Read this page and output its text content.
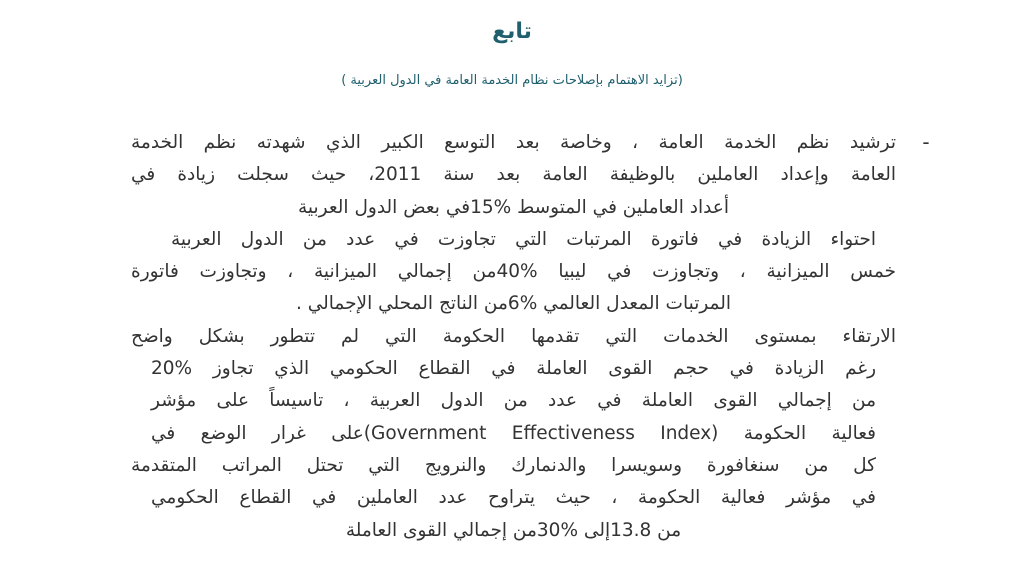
تابع
(تزايد الاهتمام بإصلاحات نظام الخدمة العامة في الدول العربية )
-
ترشيد نظم الخدمة العامة ، وخاصة بعد التوسع الكبير الذي شهدته نظم الخدمة
العامة وإعداد العاملين بالوظيفة العامة بعد سنة 2011، حيث سجلت زيادة في
أعداد العاملين في المتوسط %15في بعض الدول العربية
احتواء الزيادة في فاتورة المرتبات التي تجاوزت في عدد من الدول العربية
خمس الميزانية ، وتجاوزت في ليبيا %40من إجمالي الميزانية ، وتجاوزت فاتورة
المرتبات المعدل العالمي %6من الناتج المحلي الإجمالي .
الارتقاء بمستوى الخدمات التي تقدمها الحكومة التي لم تتطور بشكل واضح
رغم الزيادة في حجم القوى العاملة في القطاع الحكومي الذي تجاوز %20
من إجمالي القوى العاملة في عدد من الدول العربية ، تاسيساً على مؤشر
فعالية الحكومة (Government Effectiveness Index)على غرار الوضع في
كل من سنغافورة وسويسرا والدنمارك والنرويج التي تحتل المراتب المتقدمة
في مؤشر فعالية الحكومة ، حيث يتراوح عدد العاملين في القطاع الحكومي
من 13.8إلى %30من إجمالي القوى العاملة
